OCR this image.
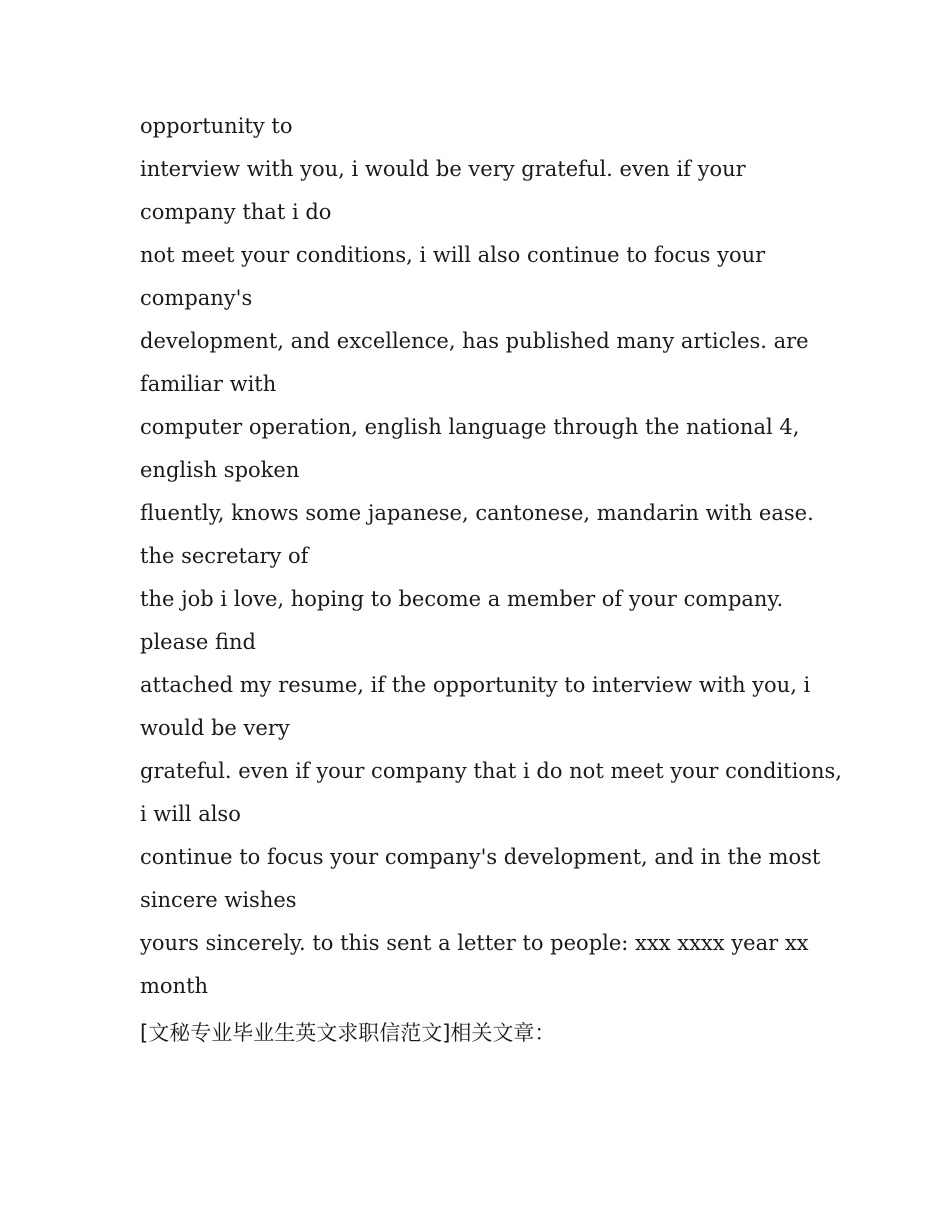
opportunity to
interview with you, i would be very grateful. even if your
company that i do
not meet your conditions, i will also continue to focus your
company's
development, and excellence, has published many articles. are
familiar with
computer operation, english language through the national 4,
english spoken
fluently, knows some japanese, cantonese, mandarin with ease.
the secretary of
the job i love, hoping to become a member of your company.
please find
attached my resume, if the opportunity to interview with you, i
would be very
grateful. even if your company that i do not meet your conditions,
i will also
continue to focus your company's development, and in the most
sincere wishes
yours sincerely. to this sent a letter to people: xxx xxxx year xx
month
[文秘专业毕业生英文求职信范文]相关文章：
